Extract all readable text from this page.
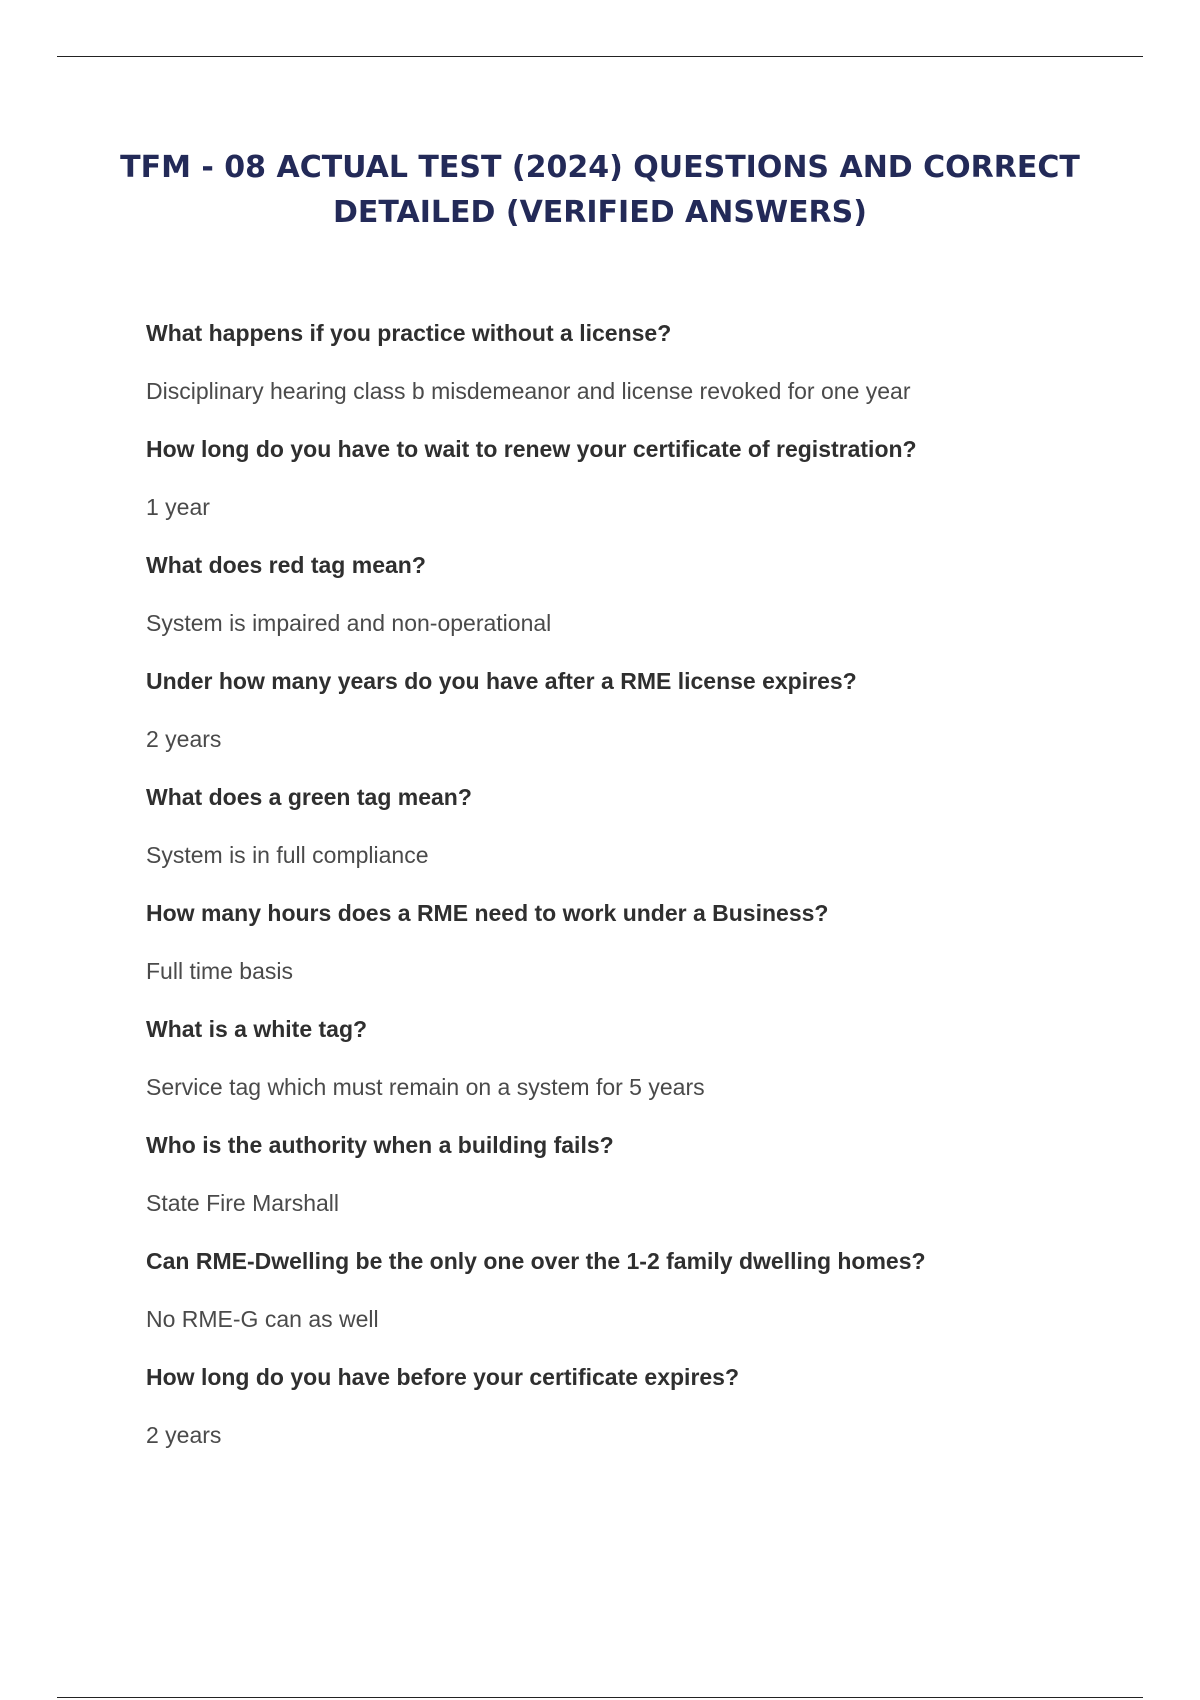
TFM - 08 ACTUAL TEST (2024) QUESTIONS AND CORRECT DETAILED (VERIFIED ANSWERS)

What happens if you practice without a license?

Disciplinary hearing class b misdemeanor and license revoked for one year

How long do you have to wait to renew your certificate of registration?

1 year

What does red tag mean?

System is impaired and non-operational

Under how many years do you have after a RME license expires?

2 years

What does a green tag mean?

System is in full compliance

How many hours does a RME need to work under a Business?

Full time basis

What is a white tag?

Service tag which must remain on a system for 5 years

Who is the authority when a building fails?

State Fire Marshall

Can RME-Dwelling be the only one over the 1-2 family dwelling homes?

No RME-G can as well

How long do you have before your certificate expires?

2 years
